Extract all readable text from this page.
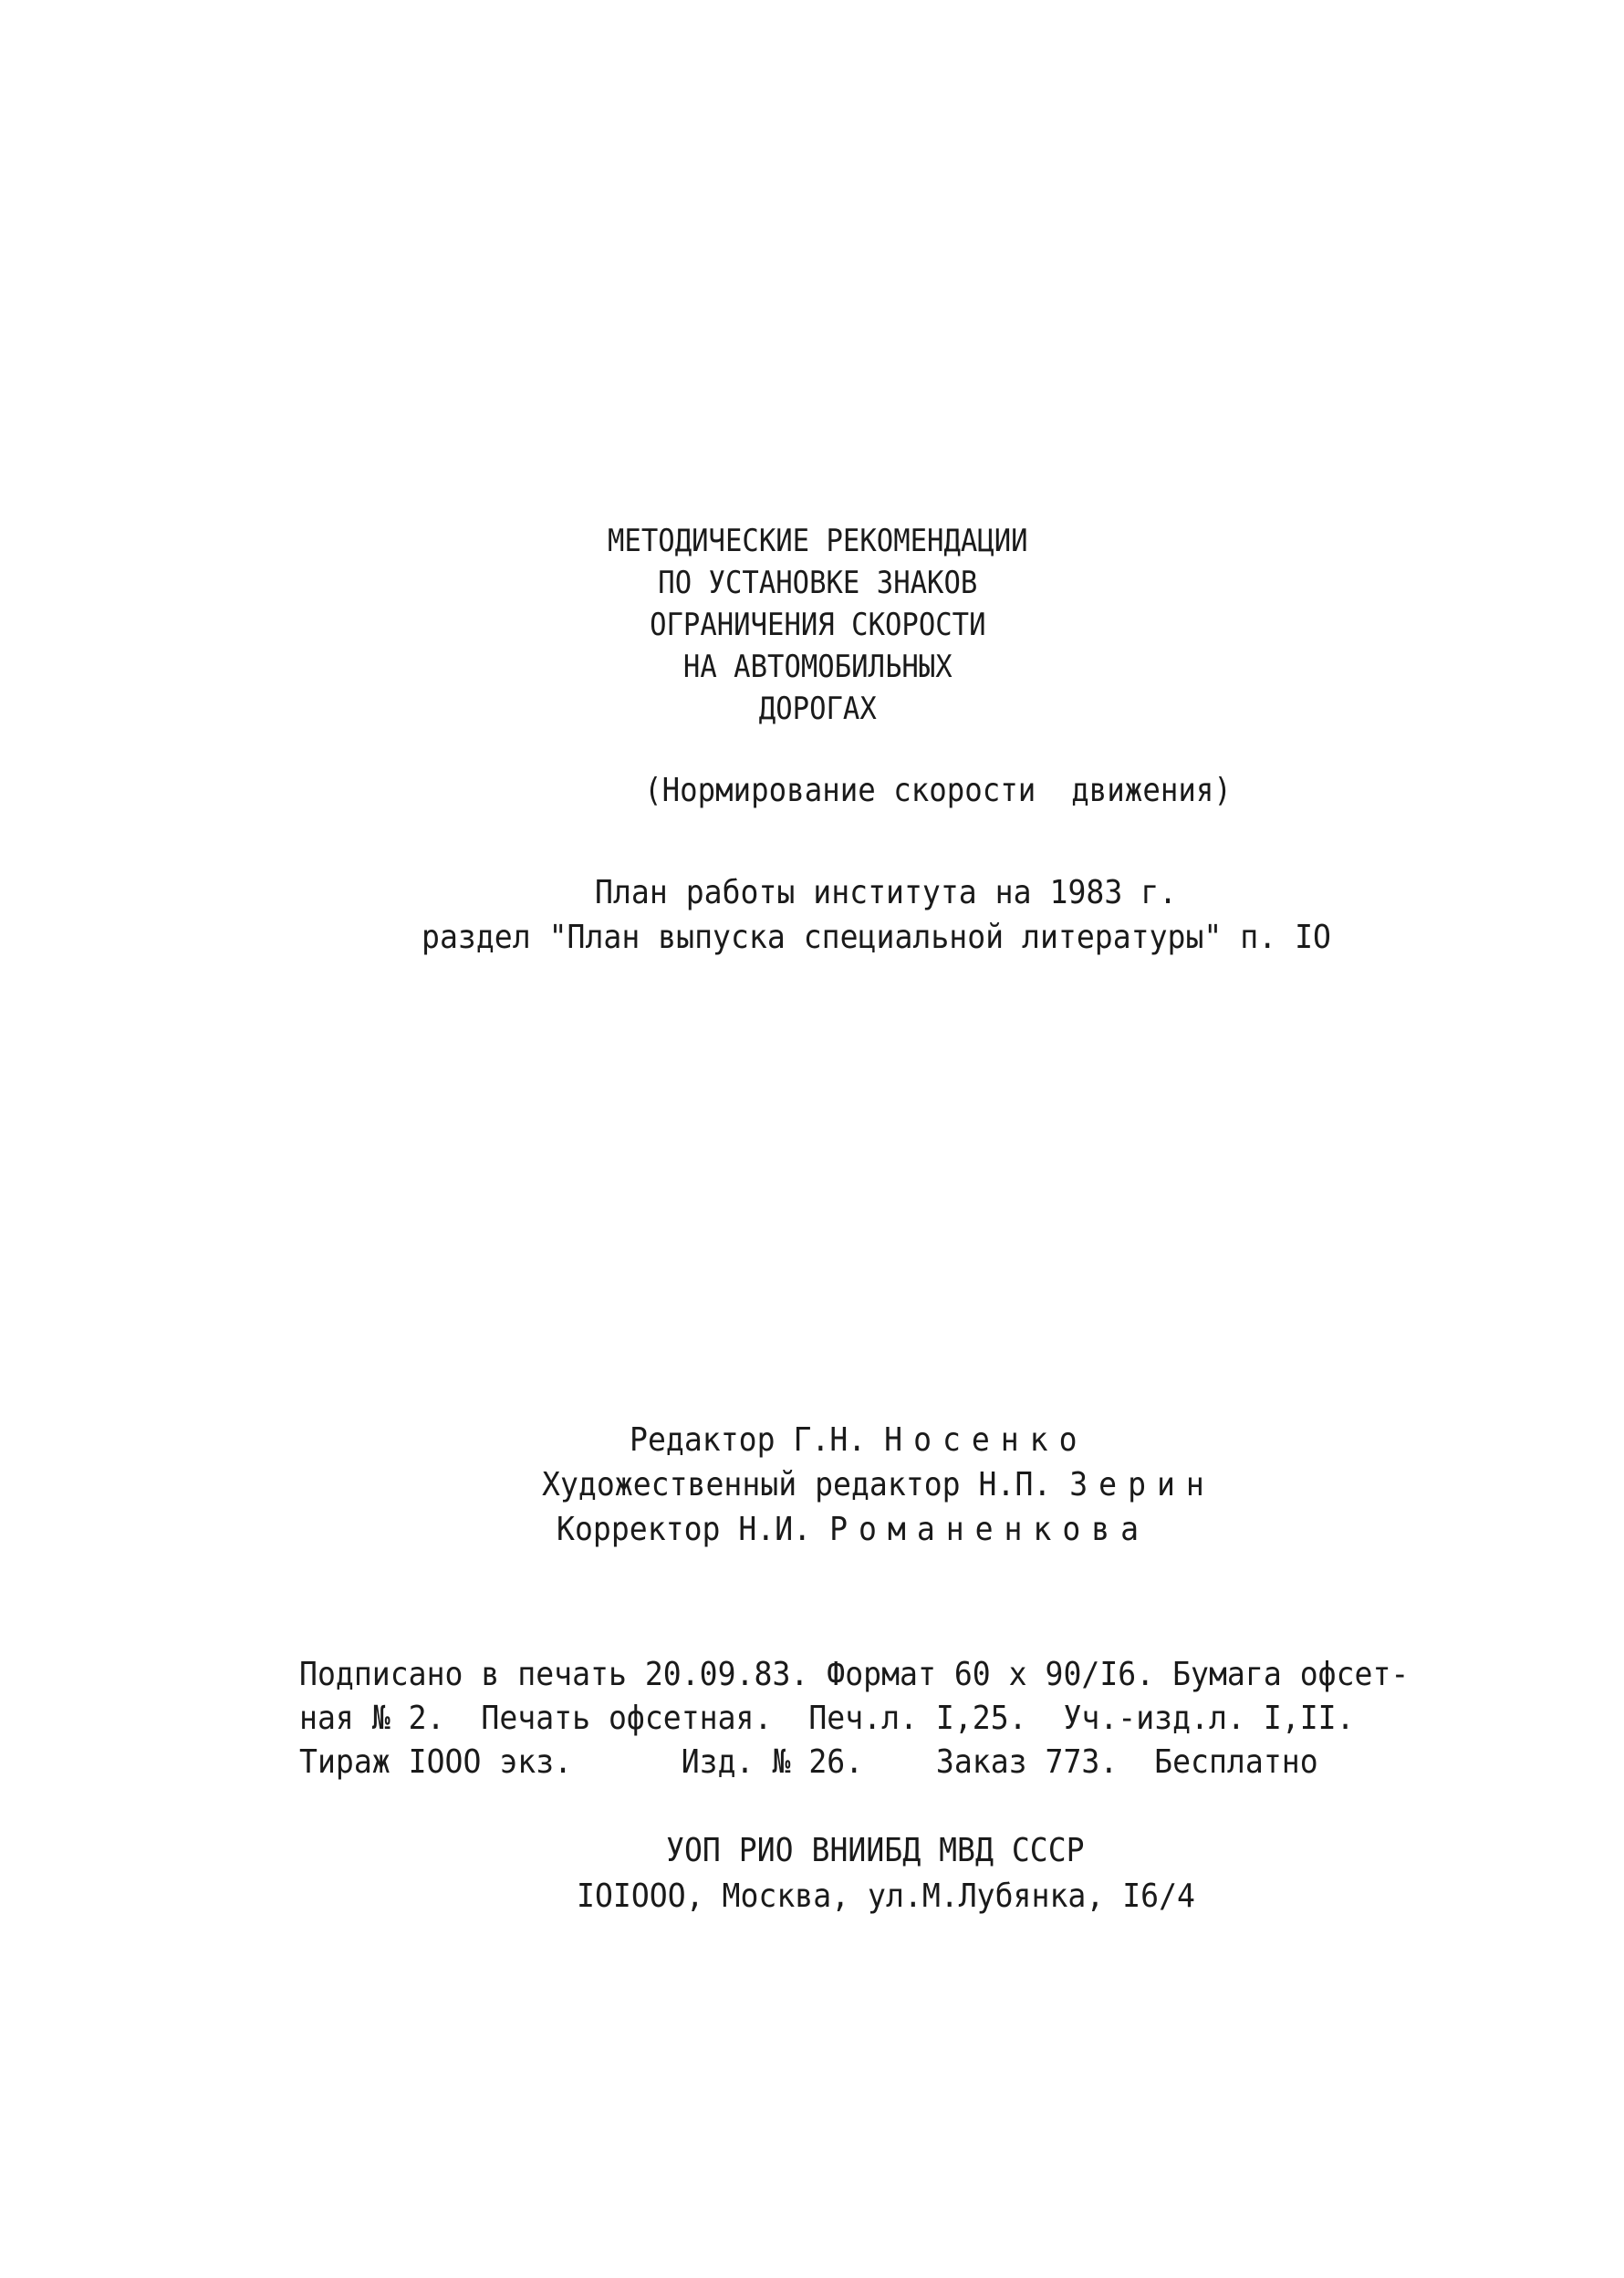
МЕТОДИЧЕСКИЕ РЕКОМЕНДАЦИИ
ПО УСТАНОВКЕ ЗНАКОВ
ОГРАНИЧЕНИЯ СКОРОСТИ
НА АВТОМОБИЛЬНЫХ
ДОРОГАХ
(Нормирование скорости  движения)
План работы института на 1983 г.
раздел "План выпуска специальной литературы" п. IO
Редактор Г.Н. Носенко
Художественный редактор Н.П. Зерин
Корректор Н.И. Романенкова
Подписано в печать 20.09.83. Формат 60 x 90/I6. Бумага офсет-
ная № 2.  Печать офсетная.  Печ.л. I,25.  Уч.-изд.л. I,II.
Тираж IOOO экз.      Изд. № 26.    Заказ 773.  Бесплатно
УОП РИО ВНИИБД МВД СССР
IOIOOO, Москва, ул.М.Лубянка, I6/4
